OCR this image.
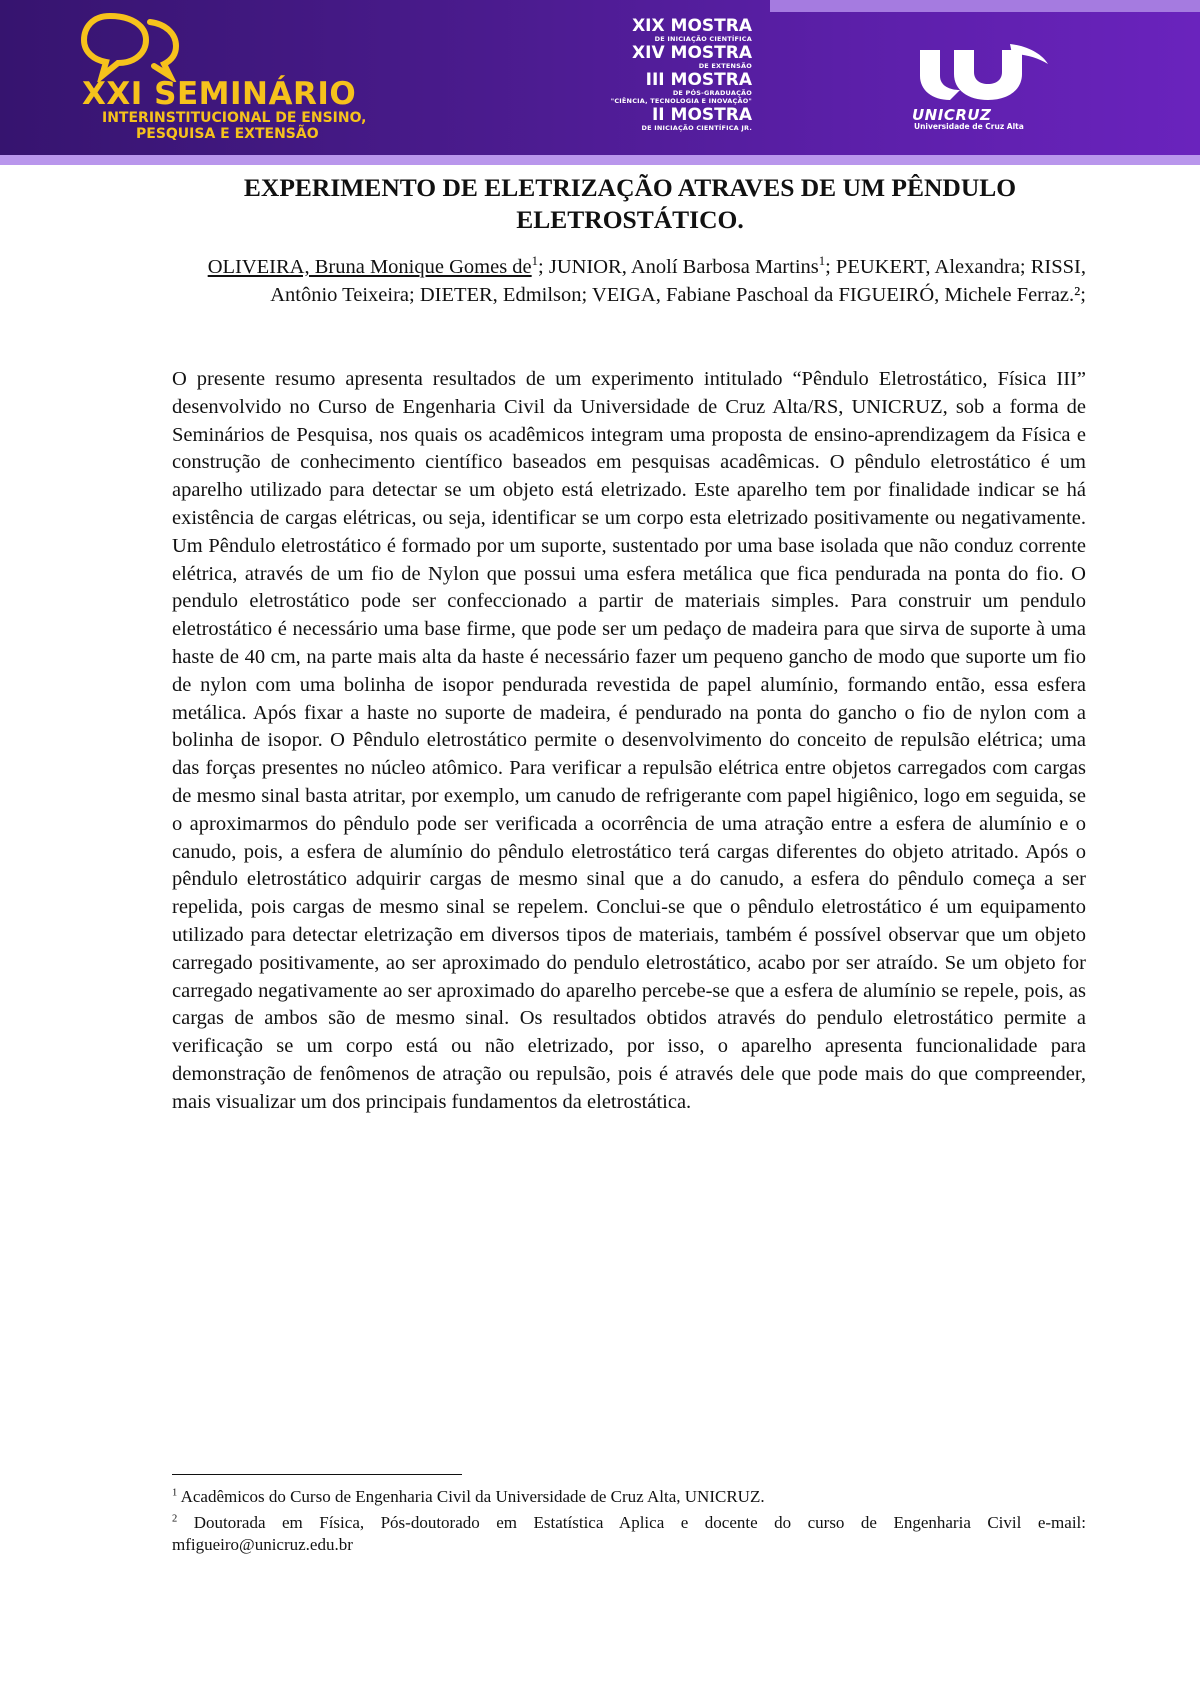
XXI SEMINÁRIO

INTERINSTITUCIONAL DE ENSINO,

PESQUISA E EXTENSÃO

XIX MOSTRA

DE INICIAÇÃO CIENTÍFICA

XIV MOSTRA

DE EXTENSÃO

III MOSTRA

DE PÓS-GRADUAÇÃO

"CIÊNCIA, TECNOLOGIA E INOVAÇÃO"

II MOSTRA

DE INICIAÇÃO CIENTÍFICA JR.

UNICRUZ

Universidade de Cruz Alta

EXPERIMENTO DE ELETRIZAÇÃO ATRAVES DE UM PÊNDULO ELETROSTÁTICO.

OLIVEIRA, Bruna Monique Gomes $de^1$; JUNIOR, Anolí Barbosa Martins$^1$; PEUKERT, Alexandra; RISSI, Antônio Teixeira; DIETER, Edmilson; VEIGA, Fabiane Paschoal da FIGUEIRÓ, Michele Ferraz.²;

O presente resumo apresenta resultados de um experimento intitulado “Pêndulo Eletrostático, Física III” desenvolvido no Curso de Engenharia Civil da Universidade de Cruz Alta/RS, UNICRUZ, sob a forma de Seminários de Pesquisa, nos quais os acadêmicos integram uma proposta de ensino-aprendizagem da Física e construção de conhecimento científico baseados em pesquisas acadêmicas. O pêndulo eletrostático é um aparelho utilizado para detectar se um objeto está eletrizado. Este aparelho tem por finalidade indicar se há existência de cargas elétricas, ou seja, identificar se um corpo esta eletrizado positivamente ou negativamente. Um Pêndulo eletrostático é formado por um suporte, sustentado por uma base isolada que não conduz corrente elétrica, através de um fio de Nylon que possui uma esfera metálica que fica pendurada na ponta do fio. O pendulo eletrostático pode ser confeccionado a partir de materiais simples. Para construir um pendulo eletrostático é necessário uma base firme, que pode ser um pedaço de madeira para que sirva de suporte à uma haste de 40 cm, na parte mais alta da haste é necessário fazer um pequeno gancho de modo que suporte um fio de nylon com uma bolinha de isopor pendurada revestida de papel alumínio, formando então, essa esfera metálica. Após fixar a haste no suporte de madeira, é pendurado na ponta do gancho o fio de nylon com a bolinha de isopor. O Pêndulo eletrostático permite o desenvolvimento do conceito de repulsão elétrica; uma das forças presentes no núcleo atômico. Para verificar a repulsão elétrica entre objetos carregados com cargas de mesmo sinal basta atritar, por exemplo, um canudo de refrigerante com papel higiênico, logo em seguida, se o aproximarmos do pêndulo pode ser verificada a ocorrência de uma atração entre a esfera de alumínio e o canudo, pois, a esfera de alumínio do pêndulo eletrostático terá cargas diferentes do objeto atritado. Após o pêndulo eletrostático adquirir cargas de mesmo sinal que a do canudo, a esfera do pêndulo começa a ser repelida, pois cargas de mesmo sinal se repelem. Conclui-se que o pêndulo eletrostático é um equipamento utilizado para detectar eletrização em diversos tipos de materiais, também é possível observar que um objeto carregado positivamente, ao ser aproximado do pendulo eletrostático, acabo por ser atraído. Se um objeto for carregado negativamente ao ser aproximado do aparelho percebe-se que a esfera de alumínio se repele, pois, as cargas de ambos são de mesmo sinal. Os resultados obtidos através do pendulo eletrostático permite a verificação se um corpo está ou não eletrizado, por isso, o aparelho apresenta funcionalidade para demonstração de fenômenos de atração ou repulsão, pois é através dele que pode mais do que compreender, mais visualizar um dos principais fundamentos da eletrostática.

$^1$ Acadêmicos do Curso de Engenharia Civil da Universidade de Cruz Alta, UNICRUZ.

$^2$ Doutorada em Física, Pós-doutorado em Estatística Aplica e docente do curso de Engenharia Civil e-mail: mfigueiro@unicruz.edu.br
